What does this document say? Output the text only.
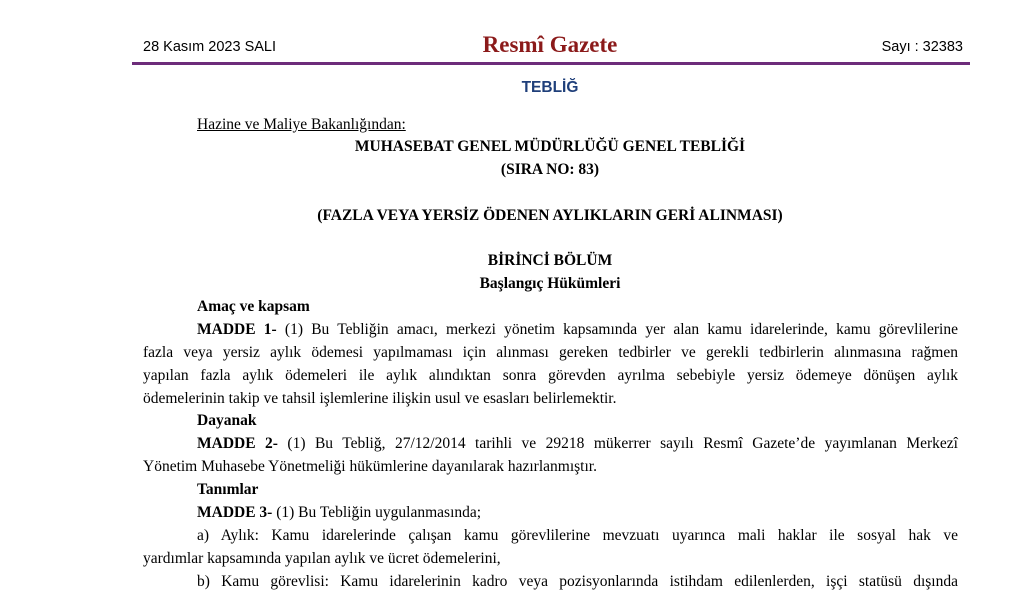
28 Kasım 2023 SALI	Resmî Gazete	Sayı : 32383
TEBLİĞ
Hazine ve Maliye Bakanlığından:
MUHASEBAT GENEL MÜDÜRLÜĞÜ GENEL TEBLİĞİ
(SIRA NO: 83)
(FAZLA VEYA YERSİZ ÖDENEN AYLIKLARIN GERİ ALINMASI)
BİRİNCİ BÖLÜM
Başlangıç Hükümleri
Amaç ve kapsam
MADDE 1- (1) Bu Tebliğin amacı, merkezi yönetim kapsamında yer alan kamu idarelerinde, kamu görevlilerine
fazla veya yersiz aylık ödemesi yapılmaması için alınması gereken tedbirler ve gerekli tedbirlerin alınmasına rağmen
yapılan fazla aylık ödemeleri ile aylık alındıktan sonra görevden ayrılma sebebiyle yersiz ödemeye dönüşen aylık
ödemelerinin takip ve tahsil işlemlerine ilişkin usul ve esasları belirlemektir.
Dayanak
MADDE 2- (1) Bu Tebliğ, 27/12/2014 tarihli ve 29218 mükerrer sayılı Resmî Gazete’de yayımlanan Merkezî
Yönetim Muhasebe Yönetmeliği hükümlerine dayanılarak hazırlanmıştır.
Tanımlar
MADDE 3- (1) Bu Tebliğin uygulanmasında;
a) Aylık: Kamu idarelerinde çalışan kamu görevlilerine mevzuatı uyarınca mali haklar ile sosyal hak ve
yardımlar kapsamında yapılan aylık ve ücret ödemelerini,
b) Kamu görevlisi: Kamu idarelerinin kadro veya pozisyonlarında istihdam edilenlerden, işçi statüsü dışında
